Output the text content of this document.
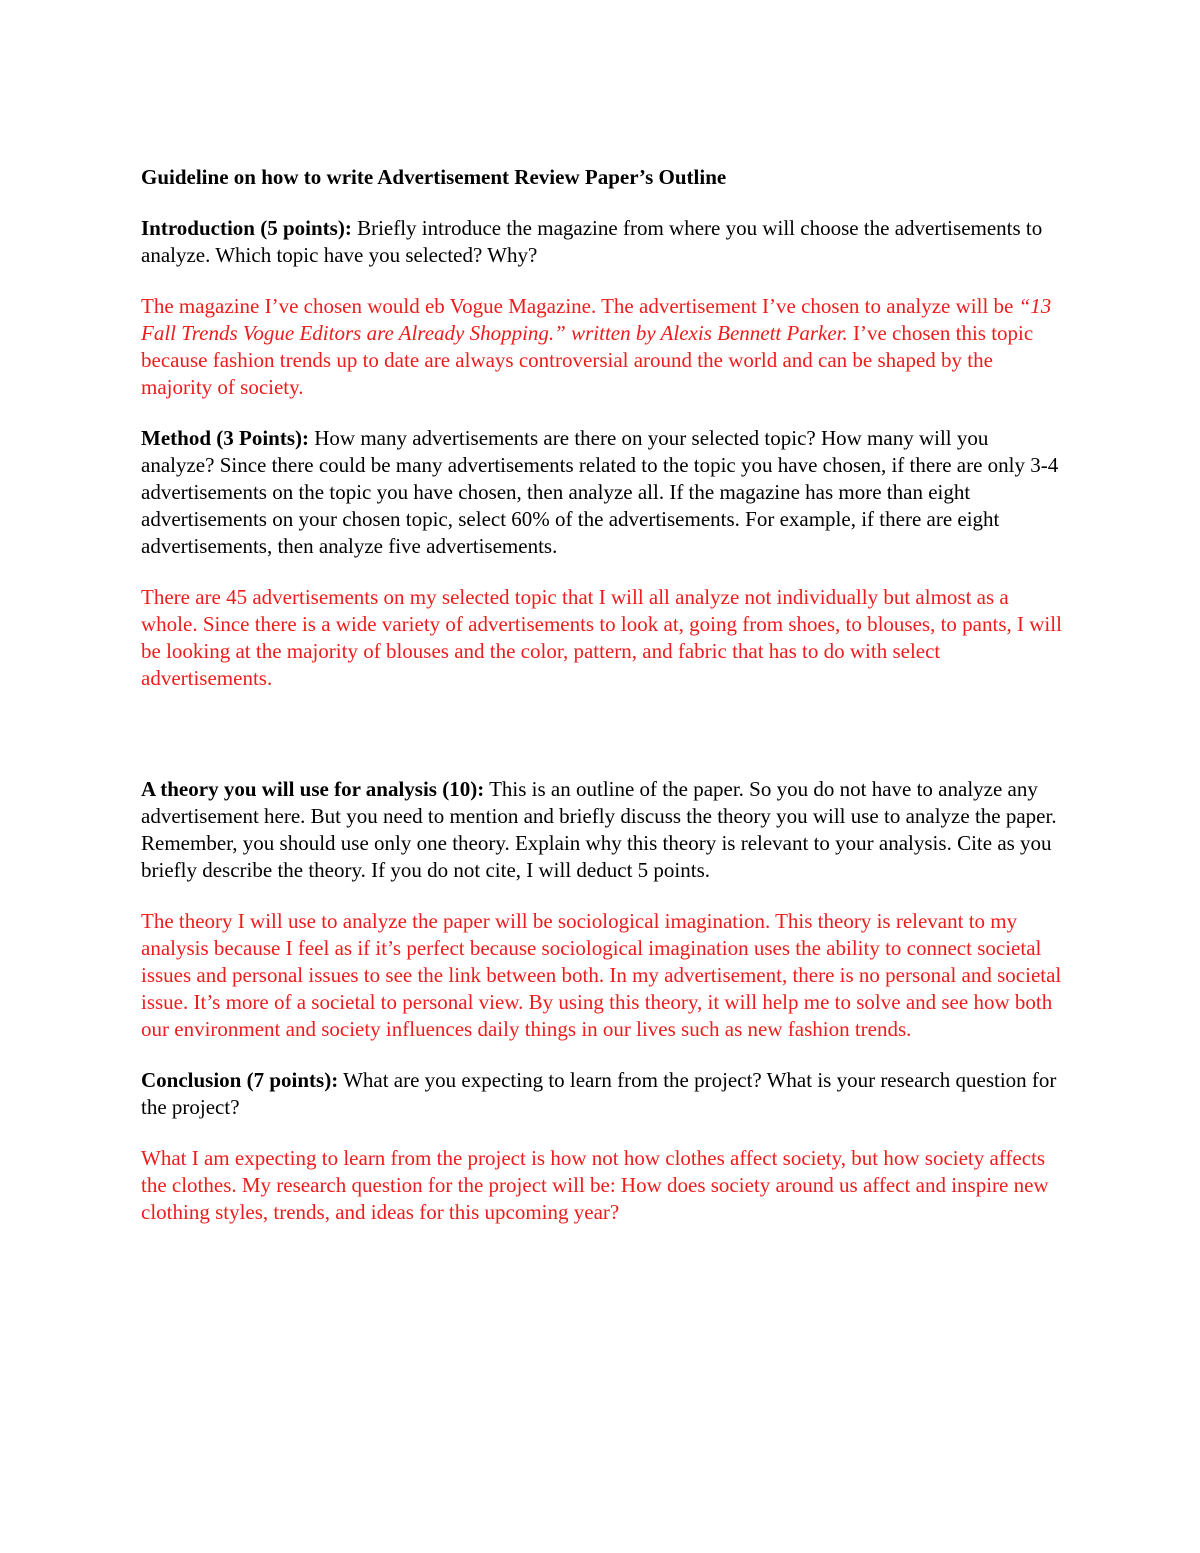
Guideline on how to write Advertisement Review Paper’s Outline

Introduction (5 points): Briefly introduce the magazine from where you will choose the advertisements to analyze. Which topic have you selected? Why?

The magazine I’ve chosen would eb Vogue Magazine. The advertisement I’ve chosen to analyze will be “13 Fall Trends Vogue Editors are Already Shopping.” written by Alexis Bennett Parker. I’ve chosen this topic because fashion trends up to date are always controversial around the world and can be shaped by the majority of society.

Method (3 Points): How many advertisements are there on your selected topic? How many will you analyze? Since there could be many advertisements related to the topic you have chosen, if there are only 3-4 advertisements on the topic you have chosen, then analyze all. If the magazine has more than eight advertisements on your chosen topic, select 60% of the advertisements. For example, if there are eight advertisements, then analyze five advertisements.

There are 45 advertisements on my selected topic that I will all analyze not individually but almost as a whole. Since there is a wide variety of advertisements to look at, going from shoes, to blouses, to pants, I will be looking at the majority of blouses and the color, pattern, and fabric that has to do with select advertisements.

A theory you will use for analysis (10): This is an outline of the paper. So you do not have to analyze any advertisement here. But you need to mention and briefly discuss the theory you will use to analyze the paper. Remember, you should use only one theory. Explain why this theory is relevant to your analysis. Cite as you briefly describe the theory. If you do not cite, I will deduct 5 points.

The theory I will use to analyze the paper will be sociological imagination. This theory is relevant to my analysis because I feel as if it’s perfect because sociological imagination uses the ability to connect societal issues and personal issues to see the link between both. In my advertisement, there is no personal and societal issue. It’s more of a societal to personal view. By using this theory, it will help me to solve and see how both our environment and society influences daily things in our lives such as new fashion trends.

Conclusion (7 points): What are you expecting to learn from the project? What is your research question for the project?

What I am expecting to learn from the project is how not how clothes affect society, but how society affects the clothes. My research question for the project will be: How does society around us affect and inspire new clothing styles, trends, and ideas for this upcoming year?
